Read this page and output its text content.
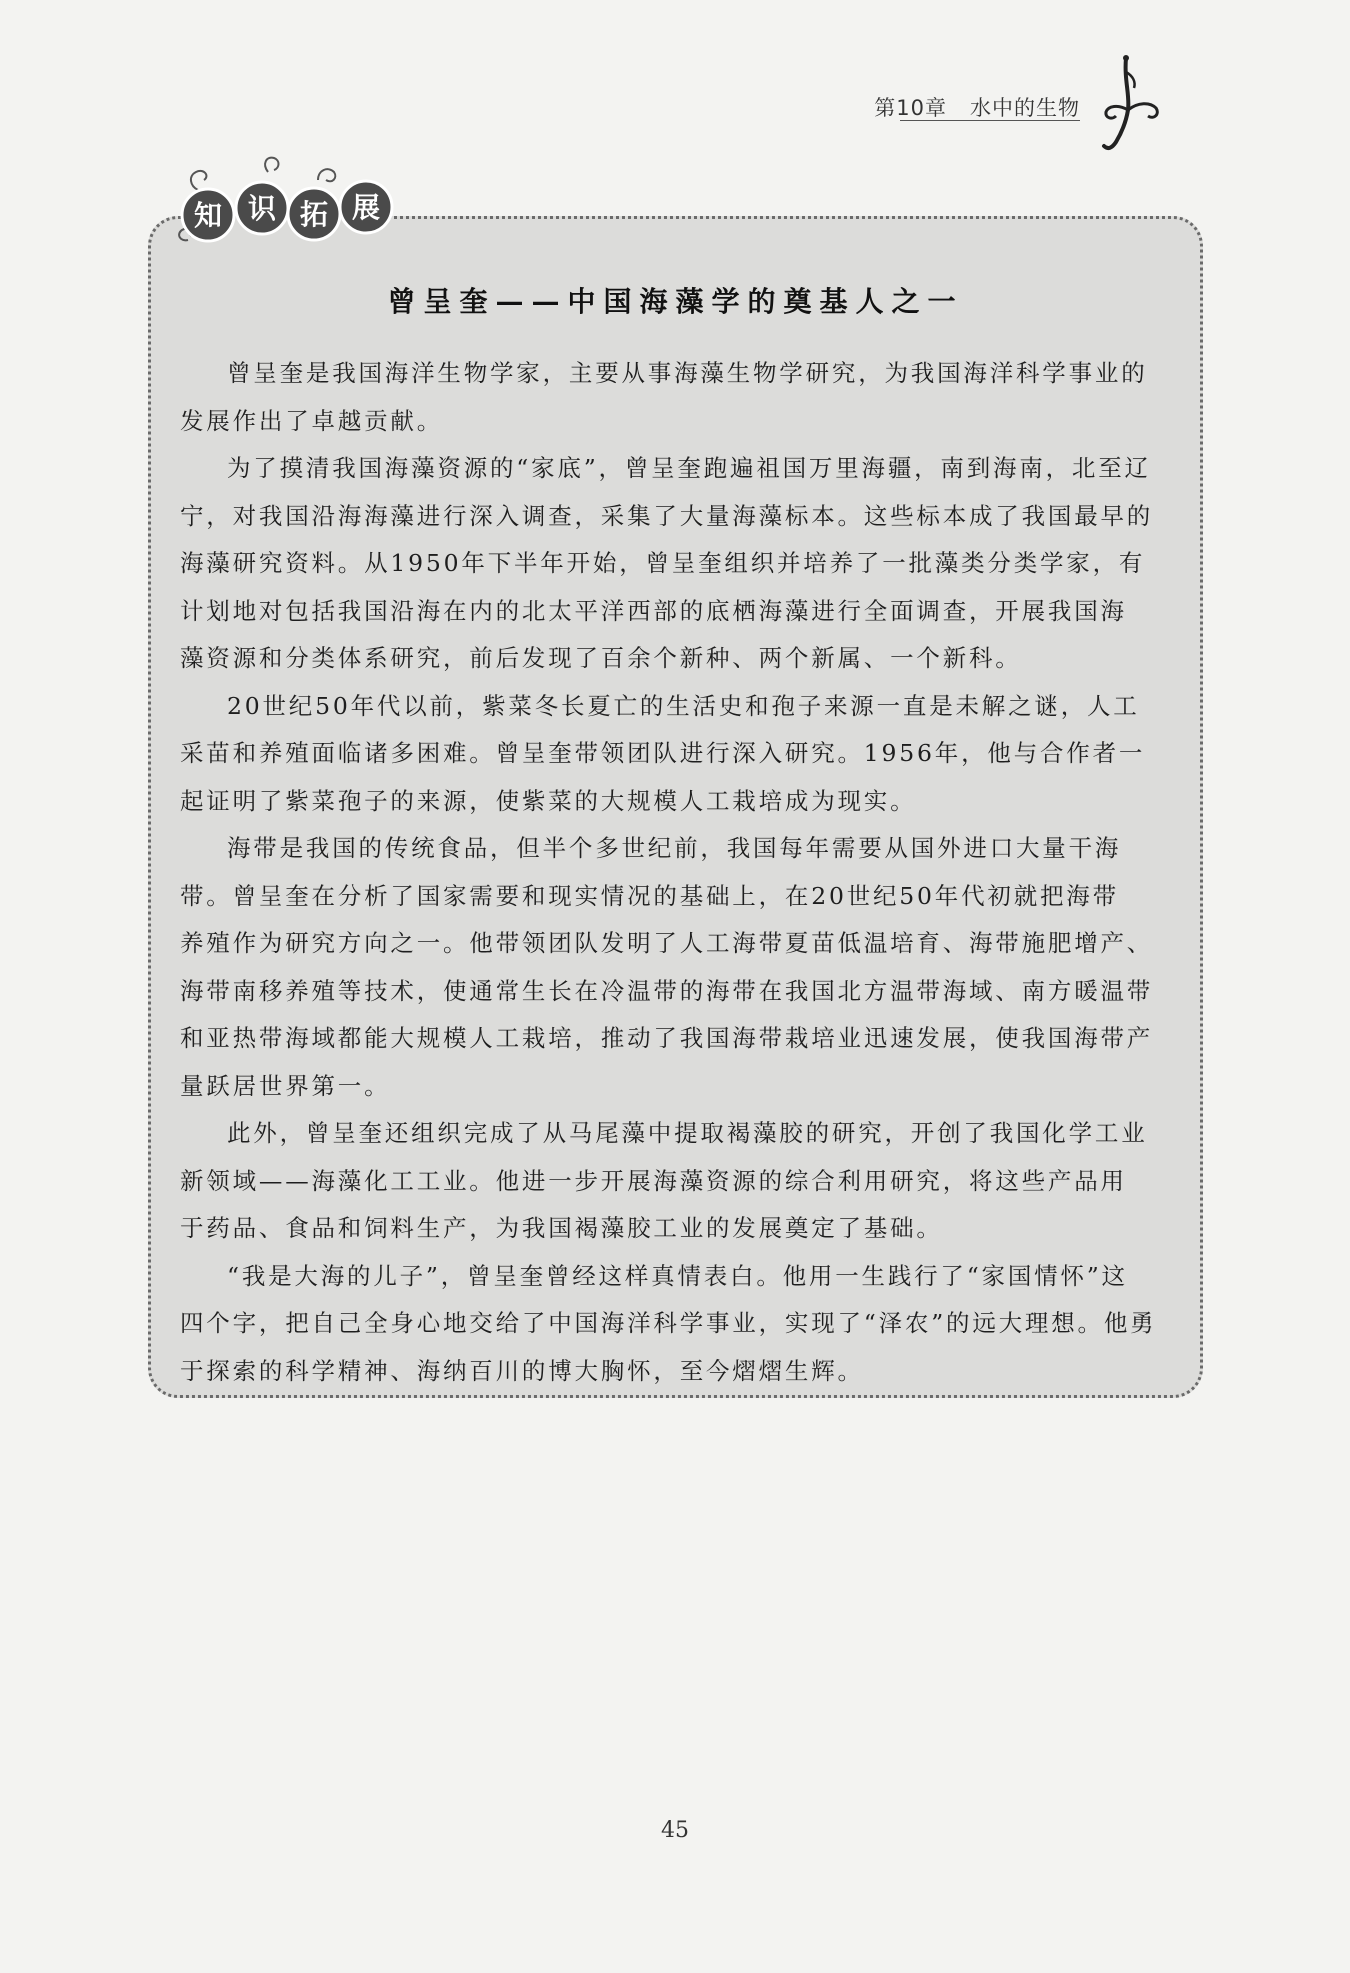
第10章 水中的生物
知 识 拓 展
曾呈奎——中国海藻学的奠基人之一

曾呈奎是我国海洋生物学家，主要从事海藻生物学研究，为我国海洋科学事业的
发展作出了卓越贡献。

为了摸清我国海藻资源的“家底”，曾呈奎跑遍祖国万里海疆，南到海南，北至辽
宁，对我国沿海海藻进行深入调查，采集了大量海藻标本。这些标本成了我国最早的
海藻研究资料。从1950年下半年开始，曾呈奎组织并培养了一批藻类分类学家，有
计划地对包括我国沿海在内的北太平洋西部的底栖海藻进行全面调查，开展我国海
藻资源和分类体系研究，前后发现了百余个新种、两个新属、一个新科。

20世纪50年代以前，紫菜冬长夏亡的生活史和孢子来源一直是未解之谜，人工
采苗和养殖面临诸多困难。曾呈奎带领团队进行深入研究。1956年，他与合作者一
起证明了紫菜孢子的来源，使紫菜的大规模人工栽培成为现实。

海带是我国的传统食品，但半个多世纪前，我国每年需要从国外进口大量干海
带。曾呈奎在分析了国家需要和现实情况的基础上，在20世纪50年代初就把海带
养殖作为研究方向之一。他带领团队发明了人工海带夏苗低温培育、海带施肥增产、
海带南移养殖等技术，使通常生长在冷温带的海带在我国北方温带海域、南方暖温带
和亚热带海域都能大规模人工栽培，推动了我国海带栽培业迅速发展，使我国海带产
量跃居世界第一。

此外，曾呈奎还组织完成了从马尾藻中提取褐藻胶的研究，开创了我国化学工业
新领域——海藻化工工业。他进一步开展海藻资源的综合利用研究，将这些产品用
于药品、食品和饲料生产，为我国褐藻胶工业的发展奠定了基础。

“我是大海的儿子”，曾呈奎曾经这样真情表白。他用一生践行了“家国情怀”这
四个字，把自己全身心地交给了中国海洋科学事业，实现了“泽农”的远大理想。他勇
于探索的科学精神、海纳百川的博大胸怀，至今熠熠生辉。

45
